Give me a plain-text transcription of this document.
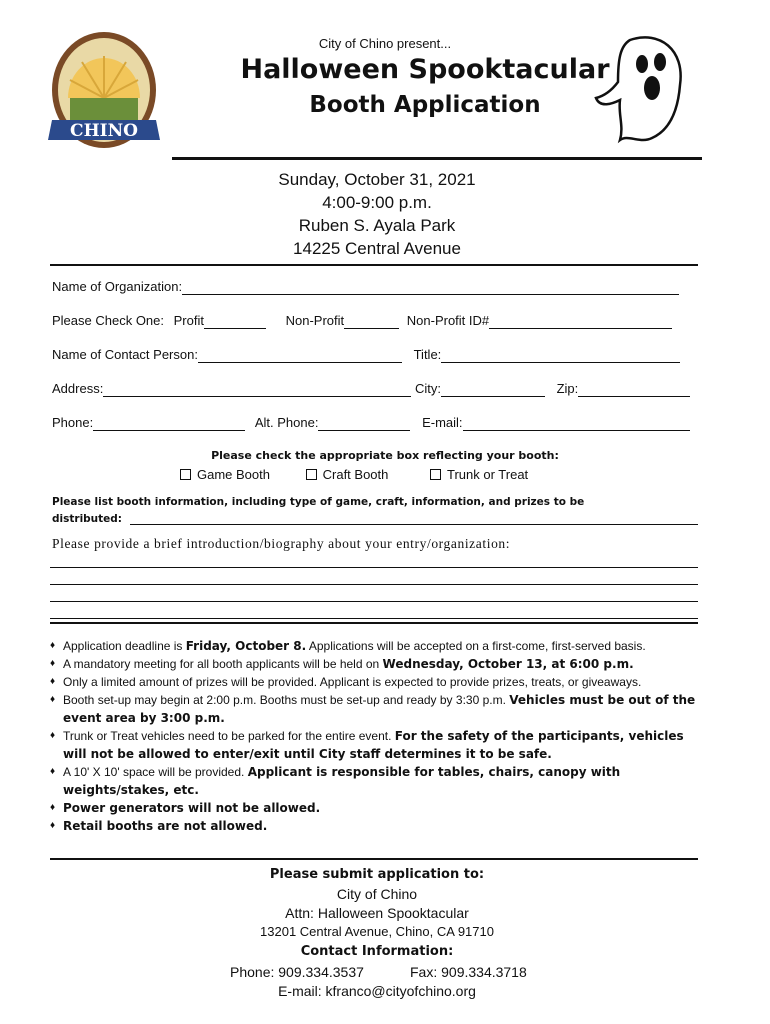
CHINO
City of Chino present...
Halloween Spooktacular
Booth Application
Sunday, October 31, 2021
4:00-9:00 p.m.
Ruben S. Ayala Park
14225 Central Avenue
Name of Organization:
Please Check One: Profit	Non-Profit	Non-Profit ID#
Name of Contact Person:	Title:
Address:	City:	Zip:
Phone:	Alt. Phone:	E-mail:
Please check the appropriate box reflecting your booth:
Game Booth	Craft Booth	Trunk or Treat
Please list booth information, including type of game, craft, information, and prizes to be distributed:
Please provide a brief introduction/biography about your entry/organization:
♦ Application deadline is Friday, October 8. Applications will be accepted on a first-come, first-served basis.
♦ A mandatory meeting for all booth applicants will be held on Wednesday, October 13, at 6:00 p.m.
♦ Only a limited amount of prizes will be provided. Applicant is expected to provide prizes, treats, or giveaways.
♦ Booth set-up may begin at 2:00 p.m. Booths must be set-up and ready by 3:30 p.m. Vehicles must be out of the event area by 3:00 p.m.
♦ Trunk or Treat vehicles need to be parked for the entire event. For the safety of the participants, vehicles will not be allowed to enter/exit until City staff determines it to be safe.
♦ A 10' X 10' space will be provided. Applicant is responsible for tables, chairs, canopy with weights/stakes, etc.
♦ Power generators will not be allowed.
♦ Retail booths are not allowed.
Please submit application to:
City of Chino
Attn: Halloween Spooktacular
13201 Central Avenue, Chino, CA 91710
Contact Information:
Phone: 909.334.3537	Fax: 909.334.3718
E-mail: kfranco@cityofchino.org
